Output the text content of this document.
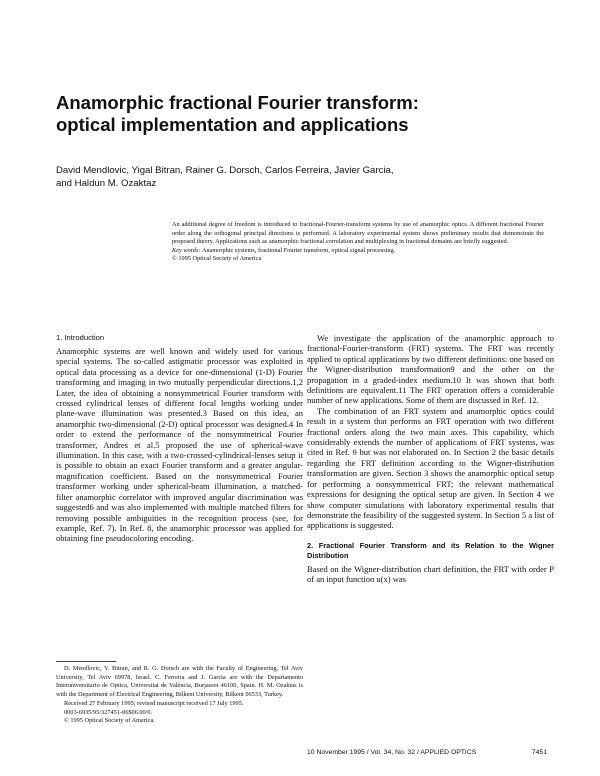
Anamorphic fractional Fourier transform:
optical implementation and applications
David Mendlovic, Yigal Bitran, Rainer G. Dorsch, Carlos Ferreira, Javier Garcia,
and Haldun M. Ozaktaz

An additional degree of freedom is introduced to fractional-Fourier-transform systems by use of anamorphic optics. A different fractional Fourier order along the orthogonal principal directions is performed. A laboratory experimental system shows preliminary results that demonstrate the proposed theory. Applications such as anamorphic fractional correlation and multiplexing in fractional domains are briefly suggested.

Key words: Anamorphic systems, fractional Fourier transform, optical signal processing.

© 1995 Optical Society of America

1. Introduction

Anamorphic systems are well known and widely used for various special systems. The so-called astigmatic processor was exploited in optical data processing as a device for one-dimensional (1-D) Fourier transforming and imaging in two mutually perpendicular directions.1,2 Later, the idea of obtaining a nonsymmetrical Fourier transform with crossed cylindrical lenses of different focal lengths working under plane-wave illumination was presented.3 Based on this idea, an anamorphic two-dimensional (2-D) optical processor was designed.4 In order to extend the performance of the nonsymmetrical Fourier transformer, Andres et al.5 proposed the use of spherical-wave illumination. In this case, with a two-crossed-cylindrical-lenses setup it is possible to obtain an exact Fourier transform and a greater angular-magnification coefficient. Based on the nonsymmetrical Fourier transformer working under spherical-beam illumination, a matched-filter anamorphic correlator with improved angular discrimination was suggested6 and was also implemented with multiple matched filters for removing possible ambiguities in the recognition process (see, for example, Ref. 7). In Ref. 8, the anamorphic processor was applied for obtaining fine pseudocoloring encoding.

We investigate the application of the anamorphic approach to fractional-Fourier-transform (FRT) systems. The FRT was recently applied to optical applications by two different definitions: one based on the Wigner-distribution transformation9 and the other on the propagation in a graded-index medium.10 It was shown that both definitions are equivalent.11 The FRT operation offers a considerable number of new applications. Some of them are discussed in Ref. 12.

The combination of an FRT system and anamorphic optics could result in a system that performs an FRT operation with two different fractional orders along the two main axes. This capability, which considerably extends the number of applications of FRT systems, was cited in Ref. 9 but was not elaborated on. In Section 2 the basic details regarding the FRT definition according to the Wigner-distribution transformation are given. Section 3 shows the anamorphic optical setup for performing a nonsymmetrical FRT; the relevant mathematical expressions for designing the optical setup are given. In Section 4 we show computer simulations with laboratory experimental results that demonstrate the feasibility of the suggested system. In Section 5 a list of applications is suggested.

2. Fractional Fourier Transform and its Relation to the Wigner Distribution

Based on the Wigner-distribution chart definition, the FRT with order P of an input function u(x) was

D. Mendlovic, Y. Bitran, and R. G. Dorsch are with the Faculty of Engineering, Tel Aviv University, Tel Aviv 69978, Israel. C. Ferreira and J. Garcia are with the Departamento Interuniversitario de Optica, Universitat de València, Burjassot 46100, Spain. H. M. Ozaktas is with the Department of Electrical Engineering, Bilkent University, Bilkent 06533, Turkey.

Received 27 February 1995; revised manuscript received 17 July 1995.

0003-6935/95/327451-06$06.00/0.

© 1995 Optical Society of America.

10 November 1995 / Vol. 34, No. 32 / APPLIED OPTICS	7451
